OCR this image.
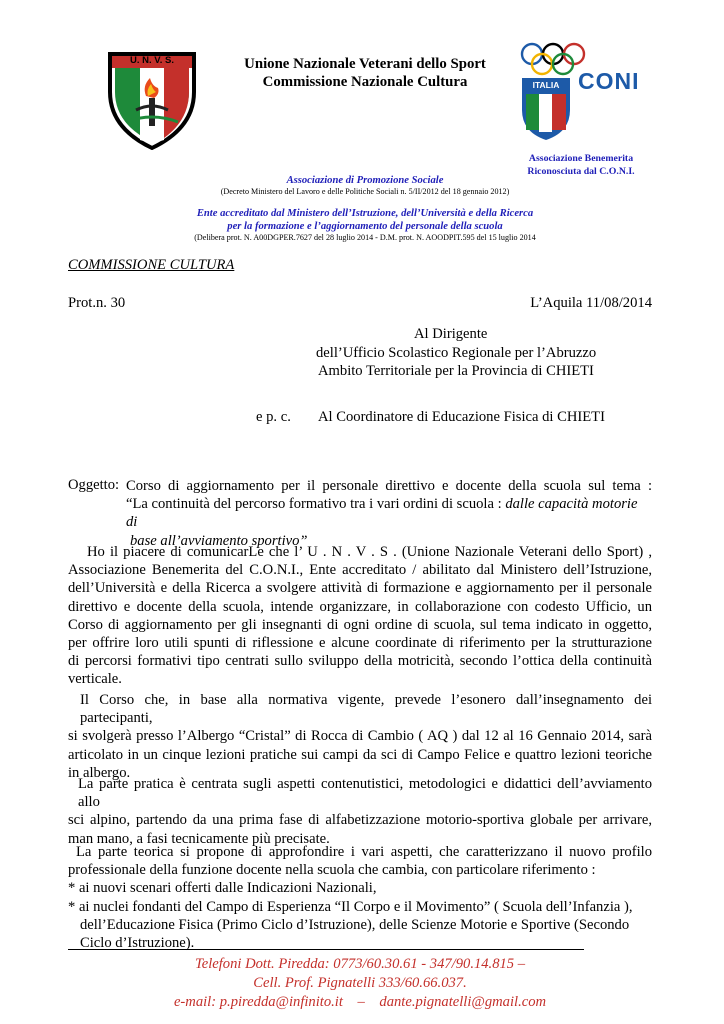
U. N. V. S.	Unione Nazionale Veterani dello Sport
Commissione Nazionale Cultura	ITALIA CONI
Associazione Benemerita
Riconosciuta dal C.O.N.I.
Associazione di Promozione Sociale
(Decreto Ministero del Lavoro e delle Politiche Sociali n. 5/II/2012 del 18 gennaio 2012)
Ente accreditato dal Ministero dell’Istruzione, dell’Università e della Ricerca
per la formazione e l’aggiornamento del personale della scuola
(Delibera prot. N. A00DGPER.7627 del 28 luglio 2014 - D.M. prot. N. AOODPIT.595 del 15 luglio 2014
COMMISSIONE CULTURA
Prot.n. 30	L’Aquila 11/08/2014
Al Dirigente
dell’Ufficio Scolastico Regionale per l’Abruzzo
Ambito Territoriale per la Provincia di CHIETI
e p. c. Al Coordinatore di Educazione Fisica di CHIETI
Oggetto: Corso di aggiornamento per il personale direttivo e docente della scuola sul tema :
“La continuità del percorso formativo tra i vari ordini di scuola : dalle capacità motorie di
base all’avviamento sportivo”
Ho il piacere di comunicarLe che l’ U . N . V . S . (Unione Nazionale Veterani dello Sport) ,
Associazione Benemerita del C.O.N.I., Ente accreditato / abilitato dal Ministero dell’Istruzione,
dell’Università e della Ricerca a svolgere attività di formazione e aggiornamento per il personale
direttivo e docente della scuola, intende organizzare, in collaborazione con codesto Ufficio, un
Corso di aggiornamento per gli insegnanti di ogni ordine di scuola, sul tema indicato in oggetto,
per offrire loro utili spunti di riflessione e alcune coordinate di riferimento per la strutturazione
di percorsi formativi tipo centrati sullo sviluppo della motricità, secondo l’ottica della continuità
verticale.
Il Corso che, in base alla normativa vigente, prevede l’esonero dall’insegnamento dei partecipanti,
si svolgerà presso l’Albergo “Cristal” di Rocca di Cambio ( AQ ) dal 12 al 16 Gennaio 2014, sarà
articolato in un cinque lezioni pratiche sui campi da sci di Campo Felice e quattro lezioni teoriche
in albergo.
La parte pratica è centrata sugli aspetti contenutistici, metodologici e didattici dell’avviamento allo
sci alpino, partendo da una prima fase di alfabetizzazione motorio-sportiva globale per arrivare,
man mano, a fasi tecnicamente più precisate.
La parte teorica si propone di approfondire i vari aspetti, che caratterizzano il nuovo profilo
professionale della funzione docente nella scuola che cambia, con particolare riferimento :
* ai nuovi scenari offerti dalle Indicazioni Nazionali,
* ai nuclei fondanti del Campo di Esperienza “Il Corpo e il Movimento” ( Scuola dell’Infanzia ),
dell’Educazione Fisica (Primo Ciclo d’Istruzione), delle Scienze Motorie e Sportive (Secondo
Ciclo d’Istruzione).
Telefoni Dott. Piredda: 0773/60.30.61 - 347/90.14.815 –
Cell. Prof. Pignatelli 333/60.66.037.
e-mail: p.piredda@infinito.it – dante.pignatelli@gmail.com
